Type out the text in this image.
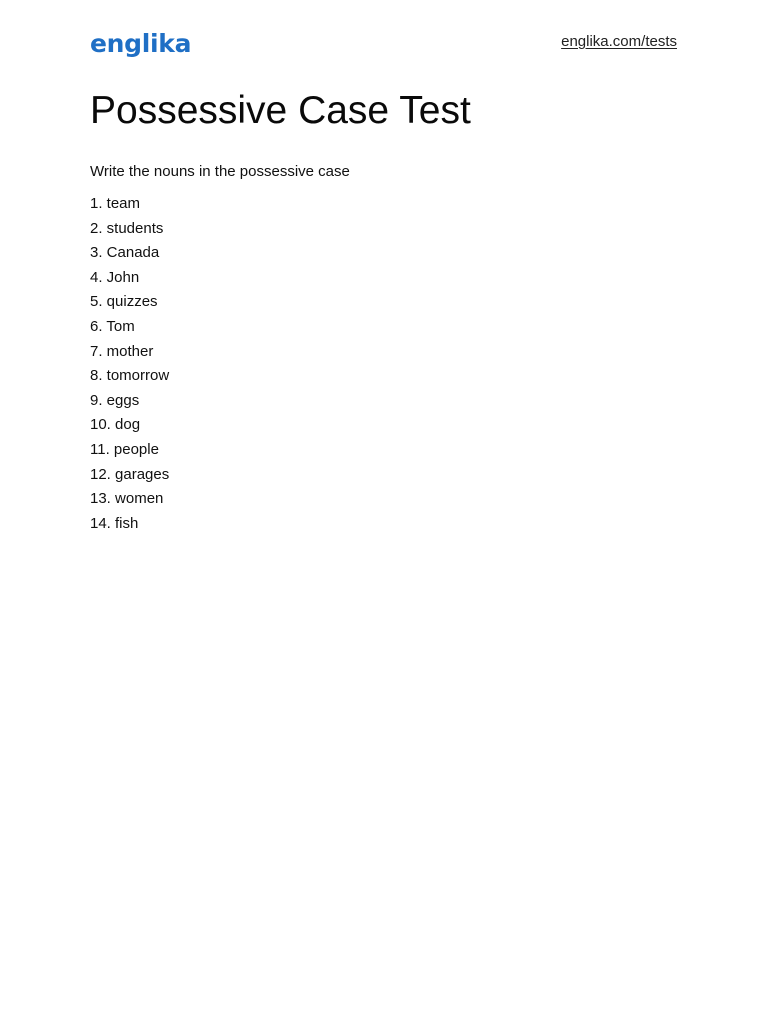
englika	englika.com/tests
Possessive Case Test
Write the nouns in the possessive case
1. team
2. students
3. Canada
4. John
5. quizzes
6. Tom
7. mother
8. tomorrow
9. eggs
10. dog
11. people
12. garages
13. women
14. fish
